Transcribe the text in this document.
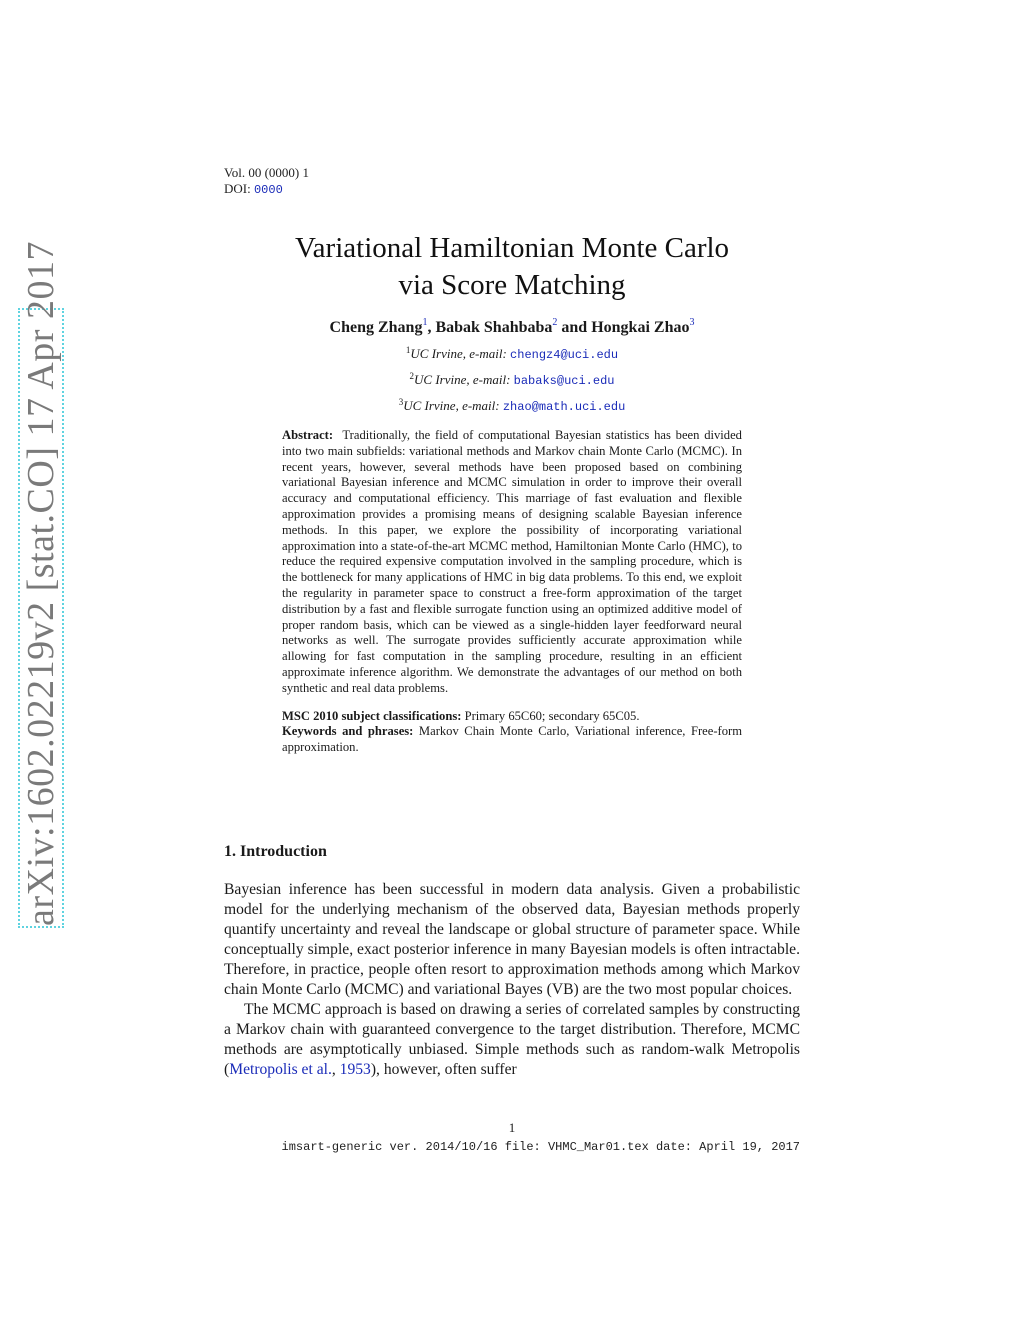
arXiv:1602.02219v2 [stat.CO] 17 Apr 2017
Vol. 00 (0000) 1
DOI: 0000
Variational Hamiltonian Monte Carlo
via Score Matching
Cheng Zhang$^1$, Babak Shahbaba$^2$ and Hongkai Zhao$^3$
$^1$UC Irvine, e-mail: chengz4@uci.edu
$^2$UC Irvine, e-mail: babaks@uci.edu
$^3$UC Irvine, e-mail: zhao@math.uci.edu

Abstract: Traditionally, the field of computational Bayesian statistics has been divided into two main subfields: variational methods and Markov chain Monte Carlo (MCMC). In recent years, however, several methods have been proposed based on combining variational Bayesian inference and MCMC simulation in order to improve their overall accuracy and computational efficiency. This marriage of fast evaluation and flexible approximation provides a promising means of designing scalable Bayesian inference methods. In this paper, we explore the possibility of incorporating variational approximation into a state-of-the-art MCMC method, Hamiltonian Monte Carlo (HMC), to reduce the required expensive computation involved in the sampling procedure, which is the bottleneck for many applications of HMC in big data problems. To this end, we exploit the regularity in parameter space to construct a free-form approximation of the target distribution by a fast and flexible surrogate function using an optimized additive model of proper random basis, which can be viewed as a single-hidden layer feedforward neural networks as well. The surrogate provides sufficiently accurate approximation while allowing for fast computation in the sampling procedure, resulting in an efficient approximate inference algorithm. We demonstrate the advantages of our method on both synthetic and real data problems.

MSC 2010 subject classifications: Primary 65C60; secondary 65C05.

Keywords and phrases: Markov Chain Monte Carlo, Variational inference, Free-form approximation.

1. Introduction

Bayesian inference has been successful in modern data analysis. Given a probabilistic model for the underlying mechanism of the observed data, Bayesian methods properly quantify uncertainty and reveal the landscape or global structure of parameter space. While conceptually simple, exact posterior inference in many Bayesian models is often intractable. Therefore, in practice, people often resort to approximation methods among which Markov chain Monte Carlo (MCMC) and variational Bayes (VB) are the two most popular choices.

The MCMC approach is based on drawing a series of correlated samples by constructing a Markov chain with guaranteed convergence to the target distribution. Therefore, MCMC methods are asymptotically unbiased. Simple methods such as random-walk Metropolis (Metropolis et al., 1953), however, often suffer

1
imsart-generic ver. 2014/10/16 file: VHMC_Mar01.tex date: April 19, 2017
